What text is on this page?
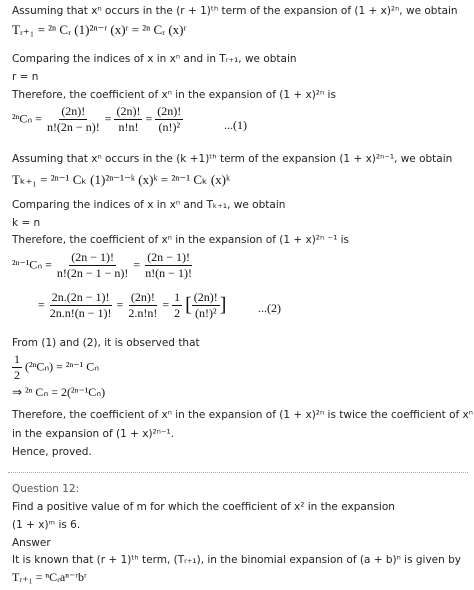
Assuming that xⁿ occurs in the (r + 1)ᵗʰ term of the expansion of (1 + x)²ⁿ, we obtain
Tᵣ₊₁ = ²ⁿ Cᵣ (1)²ⁿ⁻ʳ (x)ʳ = ²ⁿ Cᵣ (x)ʳ
Comparing the indices of x in xⁿ and in Tᵣ₊₁, we obtain
r = n
Therefore, the coefficient of xⁿ in the expansion of (1 + x)²ⁿ is
$^{2n}C_n = \frac{(2n)!}{n!(2n - n)!} = \frac{(2n)!}{n!n!} = \frac{(2n)!}{\text{(n!)²}}$	...(1)
Assuming that xⁿ occurs in the (k +1)ᵗʰ term of the expansion (1 + x)²ⁿ⁻¹, we obtain
Tₖ₊₁ = ²ⁿ⁻¹ Cₖ (1)²ⁿ⁻¹⁻ᵏ (x)ᵏ = ²ⁿ⁻¹ Cₖ (x)ᵏ
Comparing the indices of x in xⁿ and Tₖ₊₁, we obtain
k = n
Therefore, the coefficient of xⁿ in the expansion of (1 + x)²ⁿ ⁻¹ is
$^{2n-1}C_n = \frac{(2n - 1)!}{n!(2n - 1 - n)!} = \frac{(2n - 1)!}{n!(n - 1)!}$
= $\frac{2n.(2n - 1)!}{2n.n!(n - 1)!} = \frac{(2n)!}{2.n!n!} = \frac{1}{2}$ [ $\frac{(2n)!}{\text{(n!)²}}$ ]	...(2)
From (1) and (2), it is observed that
$\frac{1}{2} (^{2n}C_n) = ^{2n-1}$ Cₙ
⇒ ²ⁿ Cₙ = 2(²ⁿ⁻¹Cₙ)
Therefore, the coefficient of xⁿ in the expansion of (1 + x)²ⁿ is twice the coefficient of xⁿ
in the expansion of (1 + x)²ⁿ⁻¹.
Hence, proved.
Question 12:
Find a positive value of m for which the coefficient of x² in the expansion
(1 + x)ᵐ is 6.
Answer
It is known that (r + 1)ᵗʰ term, (Tᵣ₊₁), in the binomial expansion of (a + b)ⁿ is given by
Tᵣ₊₁ = ⁿCᵣaⁿ⁻ʳbʳ
